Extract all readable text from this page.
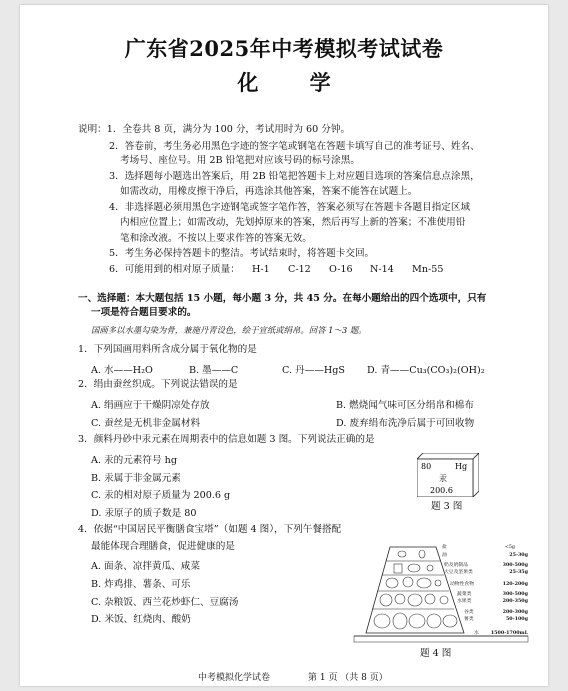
广东省2025年中考模拟考试试卷
化 学
说明：1．全卷共 8 页，满分为 100 分，考试用时为 60 分钟。
2．答卷前，考生务必用黑色字迹的签字笔或钢笔在答题卡填写自己的准考证号、姓名、
考场号、座位号。用 2B 铅笔把对应该号码的标号涂黑。
3．选择题每小题选出答案后，用 2B 铅笔把答题卡上对应题目选项的答案信息点涂黑，
如需改动，用橡皮擦干净后，再选涂其他答案，答案不能答在试题上。
4．非选择题必须用黑色字迹钢笔或签字笔作答，答案必须写在答题卡各题目指定区域
内相应位置上；如需改动，先划掉原来的答案，然后再写上新的答案；不准使用铅
笔和涂改液。不按以上要求作答的答案无效。
5．考生务必保持答题卡的整洁。考试结束时，将答题卡交回。
6．可能用到的相对原子质量： H-1 C-12 O-16 N-14 Mn-55
一、选择题：本大题包括 15 小题，每小题 3 分，共 45 分。在每小题给出的四个选项中，只有
一项是符合题目要求的。
国画多以水墨勾染为骨，兼施丹青设色，绘于宣纸或绢帛。回答 1～3 题。
1．下列国画用料所含成分属于氧化物的是
A. 水——H₂O	B. 墨——C	C. 丹——HgS D. 青——Cu₃(CO₃)₂(OH)₂
2．绢由蚕丝织成。下列说法错误的是
A. 绢画应于干燥阴凉处存放	B. 燃烧闻气味可区分绢帛和棉布
C. 蚕丝是无机非金属材料	D. 废弃绢布洗净后属于可回收物
3．颜料丹砂中汞元素在周期表中的信息如题 3 图。下列说法正确的是
A. 汞的元素符号 hg
B. 汞属于非金属元素
C. 汞的相对原子质量为 200.6 g
D. 汞原子的质子数是 80
80	Hg
汞
200.6
题 3 图
4．依据“中国居民平衡膳食宝塔”（如题 4 图），下列午餐搭配
最能体现合理膳食，促进健康的是
A. 面条、凉拌黄瓜、咸菜
B. 炸鸡排、薯条、可乐
C. 杂粮饭、西兰花炒虾仁、豆腐汤
D. 米饭、红烧肉、酸奶
盐	<5g
油	25-30g
奶及奶制品	300-500g
大豆及坚果类	25-35g
动物性食物	120-200g
蔬菜类	300-500g
水果类	200-350g
谷类	200-300g
薯类	50-100g
水	1500-1700mL
题 4 图
中考模拟化学试卷	第 1 页 （共 8 页）
